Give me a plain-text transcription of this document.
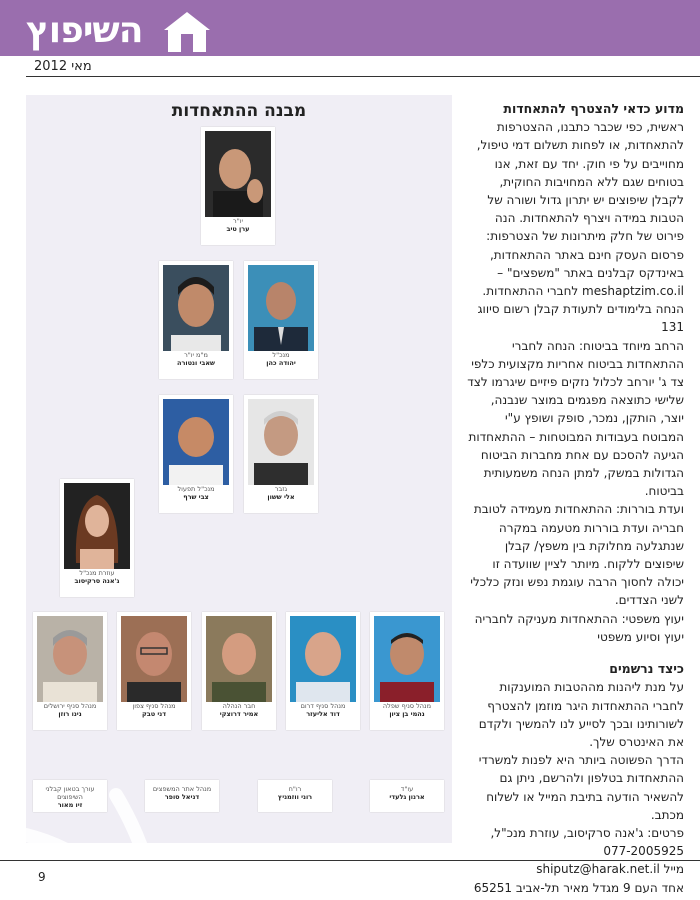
השיפוץ
מאי 2012
מבנה ההתאחדות
יו"ר
ערן טיב
מ"מ יו"ר
שאבי ונטורה
מנכ"ל
יהודה כהן
מנכ"ל תפעול
צבי שרף
גזבר
אלי ששון
עוזרת מנכ"ל
ג'אנה סרקיסוב
מנהל סניף ירושלים
נינו רוזן
מנהל סניף צפון
דני טבק
חבר הנהלה
אמיר דרוצקי
מנהל סניף דרום
דוד אליעזר
מנהל סניף שפלה
נהמי בן ציון
עורך בטאון קבלני השיפוצים
זיו מאור
מנהל אתר המשפצים
דניאל סופר
רו"ח
רוני ווזמניץ
עו"ד
ארנון גלעדי
מדוע כדאי להצטרף להתאחדות

ראשית, כפי שכבר כתבנו, ההצטרפות להתאחדות, או לפחות תשלום דמי טיפול, מחוייבים על פי חוק. יחד עם זאת, אנו בטוחים שגם ללא המחויבות החוקית, לקבלן שיפוצים יש יתרון גדול ושורה של הטבות במידה ויצרף להתאחדות. הנה פירוט של חלק מיתרונות של הצטרפות:

פרסום העסק חינם באתר ההתאחדות, באינדקס קבלנים באתר "משפצים" – meshaptzim.co.il לחברי ההתאחדות.

הנחה בלימודים לתעודת קבלן רשום סיווג 131

הרחב מיוחד בביטוח: הנחה לחברי ההתאחדות בביטוח אחריות מקצועית כלפי צד ג' יורחב לכלול נזקים פיזיים שיגרמו לצד שלישי כתוצאה מפגמים במוצר שנבנה, יוצר, הותקן, נמכר, סופק ושופץ ע"י המבוטח בעבודות המבוטחות – ההתאחדות הגיעה להסכם עם אחת מחברות הביטוח הגדולות במשק, למתן הנחה משמעותית בביטוח.

ועדת בוררות: ההתאחדות מעמידה לטובת חבריה ועדת בוררות מטעמה במקרה שנתגלעה מחלוקת בין משפץ/ קבלן שיפוצים ללקוח. מיותר לציין שוועדה זו יכולה לחסוך הרבה עוגמת נפש ונזק כלכלי לשני הצדדים.

יעוץ משפטי: ההתאחדות מעניקה לחבריה יעוץ וסיוע משפטי

כיצד נרשמים

על מנת ליהנות מההטבות המוענקות לחברי ההתאחדות היגר מוזמן להצטרף לשורותינו ובכך לסייע לנו להמשיך ולקדם את האינטרס שלך.

הדרך הפשוטה ביותר היא לפנות למשרדי ההתאחדות בטלפון ולהרשם, ניתן גם להשאיר הודעה בתיבת המייל או לשלוח מכתב.

פרטים: ג'אנה סרקיסוב, עוזרת מנכ"ל,

077-2005925

מייל shiputz@harak.net.il

אחד העם 9 מגדל מאיר תל-אביב 65251

9
